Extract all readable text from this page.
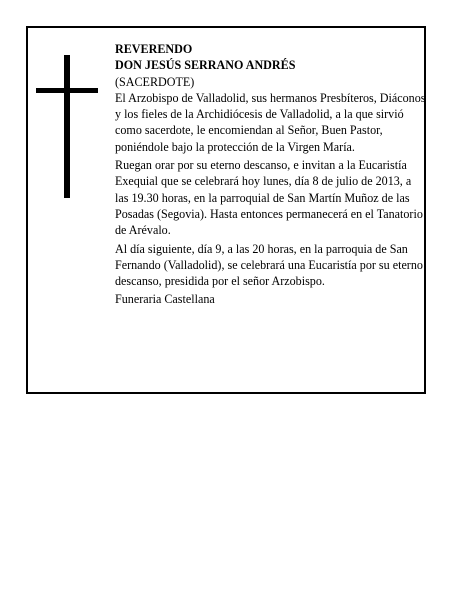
REVERENDO
DON JESÚS SERRANO ANDRÉS
(SACERDOTE)

El Arzobispo de Valladolid, sus hermanos Presbíteros, Diáconos y los fieles de la Archidiócesis de Valladolid, a la que sirvió como sacerdote, le encomiendan al Señor, Buen Pastor, poniéndole bajo la protección de la Virgen María.

Ruegan orar por su eterno descanso, e invitan a la Eucaristía Exequial que se celebrará hoy lunes, día 8 de julio de 2013, a las 19.30 horas, en la parroquial de San Martín Muñoz de las Posadas (Segovia). Hasta entonces permanecerá en el Tanatorio de Arévalo.

Al día siguiente, día 9, a las 20 horas, en la parroquia de San Fernando (Valladolid), se celebrará una Eucaristía por su eterno descanso, presidida por el señor Arzobispo.

Funeraria Castellana
